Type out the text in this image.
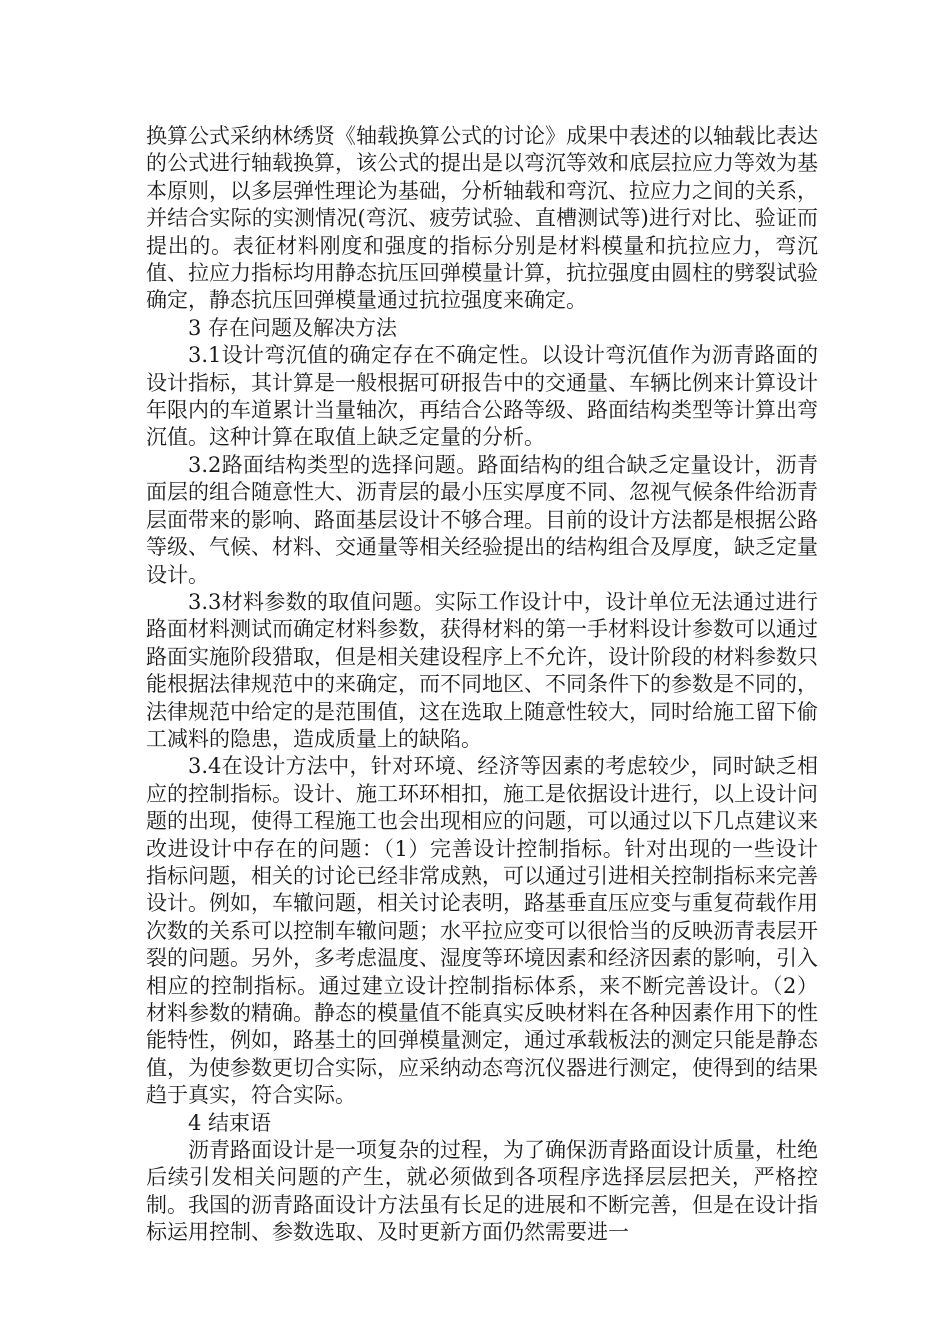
换算公式采纳林绣贤《轴载换算公式的讨论》成果中表述的以轴载比表达的公式进行轴载换算，该公式的提出是以弯沉等效和底层拉应力等效为基本原则，以多层弹性理论为基础，分析轴载和弯沉、拉应力之间的关系，并结合实际的实测情况(弯沉、疲劳试验、直槽测试等)进行对比、验证而提出的。表征材料刚度和强度的指标分别是材料模量和抗拉应力，弯沉值、拉应力指标均用静态抗压回弹模量计算，抗拉强度由圆柱的劈裂试验确定，静态抗压回弹模量通过抗拉强度来确定。

3 存在问题及解决方法

3.1设计弯沉值的确定存在不确定性。以设计弯沉值作为沥青路面的设计指标，其计算是一般根据可研报告中的交通量、车辆比例来计算设计年限内的车道累计当量轴次，再结合公路等级、路面结构类型等计算出弯沉值。这种计算在取值上缺乏定量的分析。

3.2路面结构类型的选择问题。路面结构的组合缺乏定量设计，沥青面层的组合随意性大、沥青层的最小压实厚度不同、忽视气候条件给沥青层面带来的影响、路面基层设计不够合理。目前的设计方法都是根据公路等级、气候、材料、交通量等相关经验提出的结构组合及厚度，缺乏定量设计。

3.3材料参数的取值问题。实际工作设计中，设计单位无法通过进行路面材料测试而确定材料参数，获得材料的第一手材料设计参数可以通过路面实施阶段猎取，但是相关建设程序上不允许，设计阶段的材料参数只能根据法律规范中的来确定，而不同地区、不同条件下的参数是不同的，法律规范中给定的是范围值，这在选取上随意性较大，同时给施工留下偷工减料的隐患，造成质量上的缺陷。

3.4在设计方法中，针对环境、经济等因素的考虑较少，同时缺乏相应的控制指标。设计、施工环环相扣，施工是依据设计进行，以上设计问题的出现，使得工程施工也会出现相应的问题，可以通过以下几点建议来改进设计中存在的问题：（1）完善设计控制指标。针对出现的一些设计指标问题，相关的讨论已经非常成熟，可以通过引进相关控制指标来完善设计。例如，车辙问题，相关讨论表明，路基垂直压应变与重复荷载作用次数的关系可以控制车辙问题；水平拉应变可以很恰当的反映沥青表层开裂的问题。另外，多考虑温度、湿度等环境因素和经济因素的影响，引入相应的控制指标。通过建立设计控制指标体系，来不断完善设计。（2）材料参数的精确。静态的模量值不能真实反映材料在各种因素作用下的性能特性，例如，路基土的回弹模量测定，通过承载板法的测定只能是静态值，为使参数更切合实际，应采纳动态弯沉仪器进行测定，使得到的结果趋于真实，符合实际。

4 结束语

沥青路面设计是一项复杂的过程，为了确保沥青路面设计质量，杜绝后续引发相关问题的产生，就必须做到各项程序选择层层把关，严格控制。我国的沥青路面设计方法虽有长足的进展和不断完善，但是在设计指标运用控制、参数选取、及时更新方面仍然需要进一
